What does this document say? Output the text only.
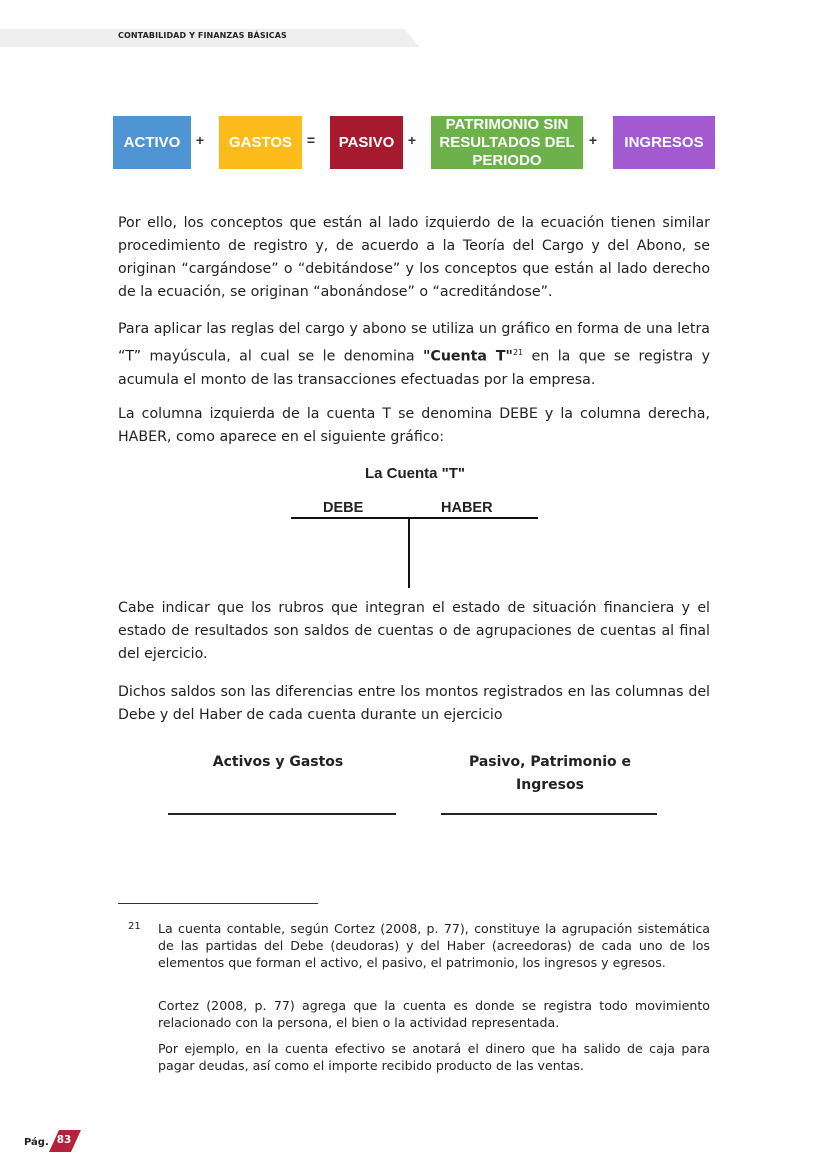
CONTABILIDAD Y FINANZAS BÁSICAS
ACTIVO	+	GASTOS	=	PASIVO +
PATRIMONIO SIN RESULTADOS DEL PERIODO
+	INGRESOS

Por ello, los conceptos que están al lado izquierdo de la ecuación tienen similar procedimiento de registro y, de acuerdo a la Teoría del Cargo y del Abono, se originan “cargándose” o “debitándose” y los conceptos que están al lado derecho de la ecuación, se originan “abonándose” o “acreditándose”.

Para aplicar las reglas del cargo y abono se utiliza un gráfico en forma de una letra “T” mayúscula, al cual se le denomina "Cuenta T"$^{21}$ en la que se registra y acumula el monto de las transacciones efectuadas por la empresa.

La columna izquierda de la cuenta T se denomina DEBE y la columna derecha, HABER, como aparece en el siguiente gráfico:

La Cuenta "T"
DEBE	HABER

Cabe indicar que los rubros que integran el estado de situación financiera y el estado de resultados son saldos de cuentas o de agrupaciones de cuentas al final del ejercicio.

Dichos saldos son las diferencias entre los montos registrados en las columnas del Debe y del Haber de cada cuenta durante un ejercicio

Activos y Gastos	Pasivo, Patrimonio e Ingresos
21 La cuenta contable, según Cortez (2008, p. 77), constituye la agrupación sistemática de las partidas del Debe (deudoras) y del Haber (acreedoras) de cada uno de los elementos que forman el activo, el pasivo, el patrimonio, los ingresos y egresos.

Cortez (2008, p. 77) agrega que la cuenta es donde se registra todo movimiento relacionado con la persona, el bien o la actividad representada.

Por ejemplo, en la cuenta efectivo se anotará el dinero que ha salido de caja para pagar deudas, así como el importe recibido producto de las ventas.

Pág. 83
